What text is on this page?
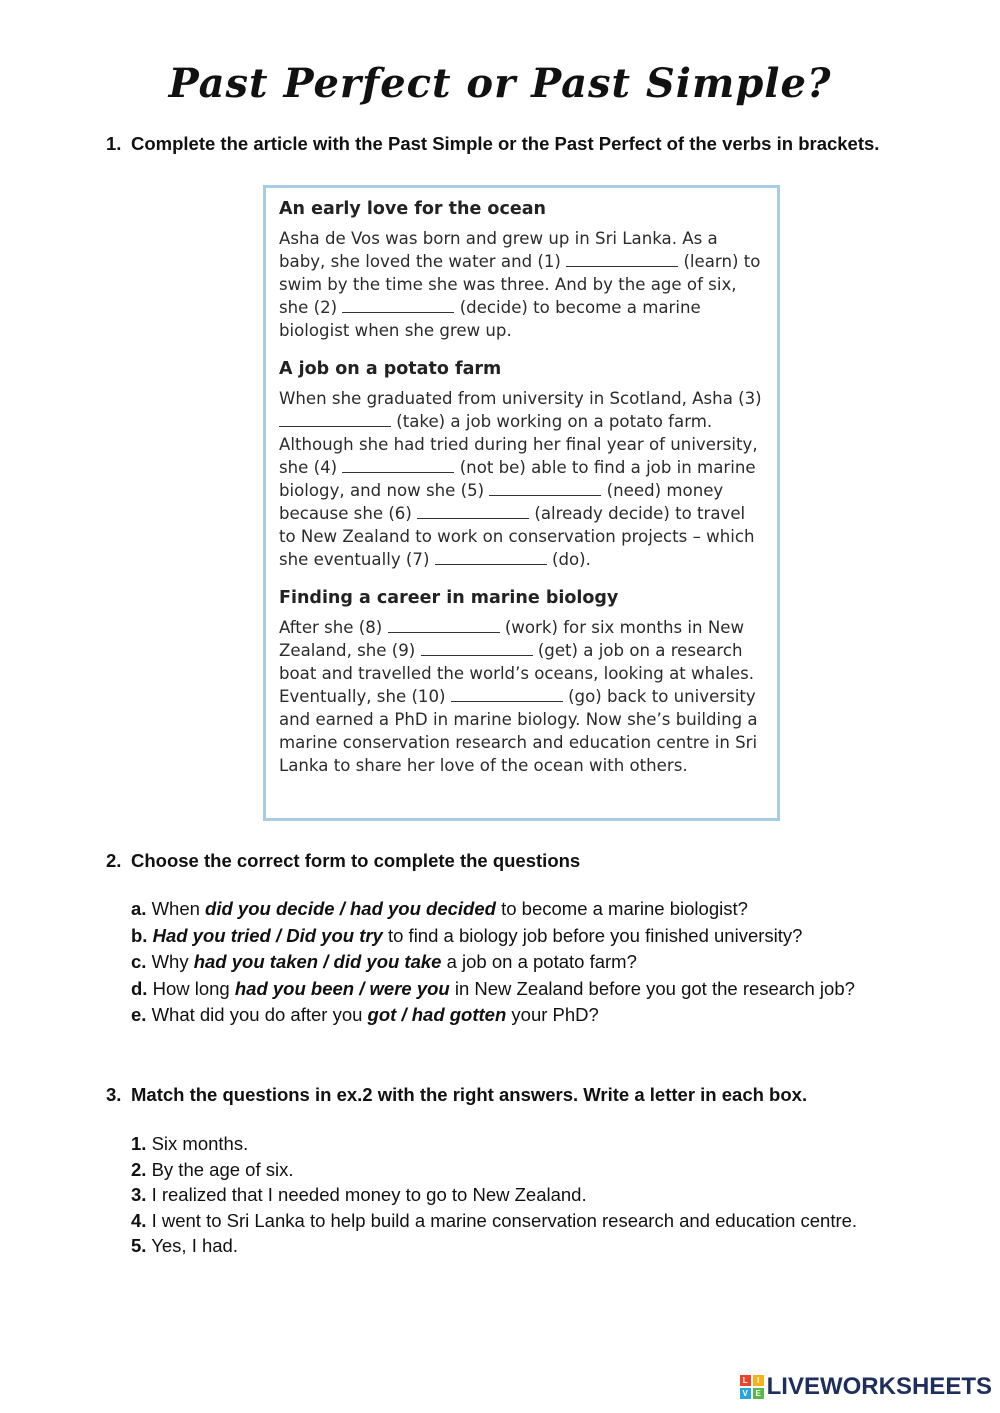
Past Perfect or Past Simple?
1. Complete the article with the Past Simple or the Past Perfect of the verbs in brackets.
An early love for the ocean

Asha de Vos was born and grew up in Sri Lanka. As a baby, she loved the water and (1)	(learn) to swim by the time she was three. And by the age of six, she (2)	(decide) to become a marine biologist when she grew up.

A job on a potato farm

When she graduated from university in Scotland, Asha (3)  (take) a job working on a potato farm. Although she had tried during her final year of university, she (4)	(not be) able to find a job in marine biology, and now she (5)	(need) money because she (6)	(already decide) to travel to New Zealand to work on conservation projects – which she eventually (7)	(do).

Finding a career in marine biology

After she (8)	(work) for six months in New Zealand, she (9)	(get) a job on a research boat and travelled the world’s oceans, looking at whales. Eventually, she (10)	(go) back to university and earned a PhD in marine biology. Now she’s building a marine conservation research and education centre in Sri Lanka to share her love of the ocean with others.

2. Choose the correct form to complete the questions
a. When did you decide / had you decided to become a marine biologist?
b. Had you tried / Did you try to find a biology job before you finished university?
c. Why had you taken / did you take a job on a potato farm?
d. How long had you been / were you in New Zealand before you got the research job?
e. What did you do after you got / had gotten your PhD?
3. Match the questions in ex.2 with the right answers. Write a letter in each box.
1. Six months.
2. By the age of six.
3. I realized that I needed money to go to New Zealand.
4. I went to Sri Lanka to help build a marine conservation research and education centre.
5. Yes, I had.
L	I
V E LIVEWORKSHEETS
